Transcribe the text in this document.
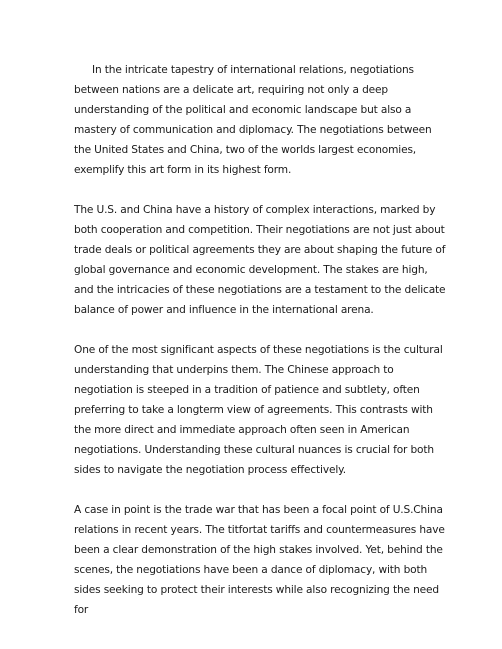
In the intricate tapestry of international relations, negotiations between nations are a delicate art, requiring not only a deep understanding of the political and economic landscape but also a mastery of communication and diplomacy. The negotiations between the United States and China, two of the worlds largest economies, exemplify this art form in its highest form.

The U.S. and China have a history of complex interactions, marked by both cooperation and competition. Their negotiations are not just about trade deals or political agreements they are about shaping the future of global governance and economic development. The stakes are high, and the intricacies of these negotiations are a testament to the delicate balance of power and influence in the international arena.

One of the most significant aspects of these negotiations is the cultural understanding that underpins them. The Chinese approach to negotiation is steeped in a tradition of patience and subtlety, often preferring to take a longterm view of agreements. This contrasts with the more direct and immediate approach often seen in American negotiations. Understanding these cultural nuances is crucial for both sides to navigate the negotiation process effectively.

A case in point is the trade war that has been a focal point of U.S.China relations in recent years. The titfortat tariffs and countermeasures have been a clear demonstration of the high stakes involved. Yet, behind the scenes, the negotiations have been a dance of diplomacy, with both sides seeking to protect their interests while also recognizing the need for
